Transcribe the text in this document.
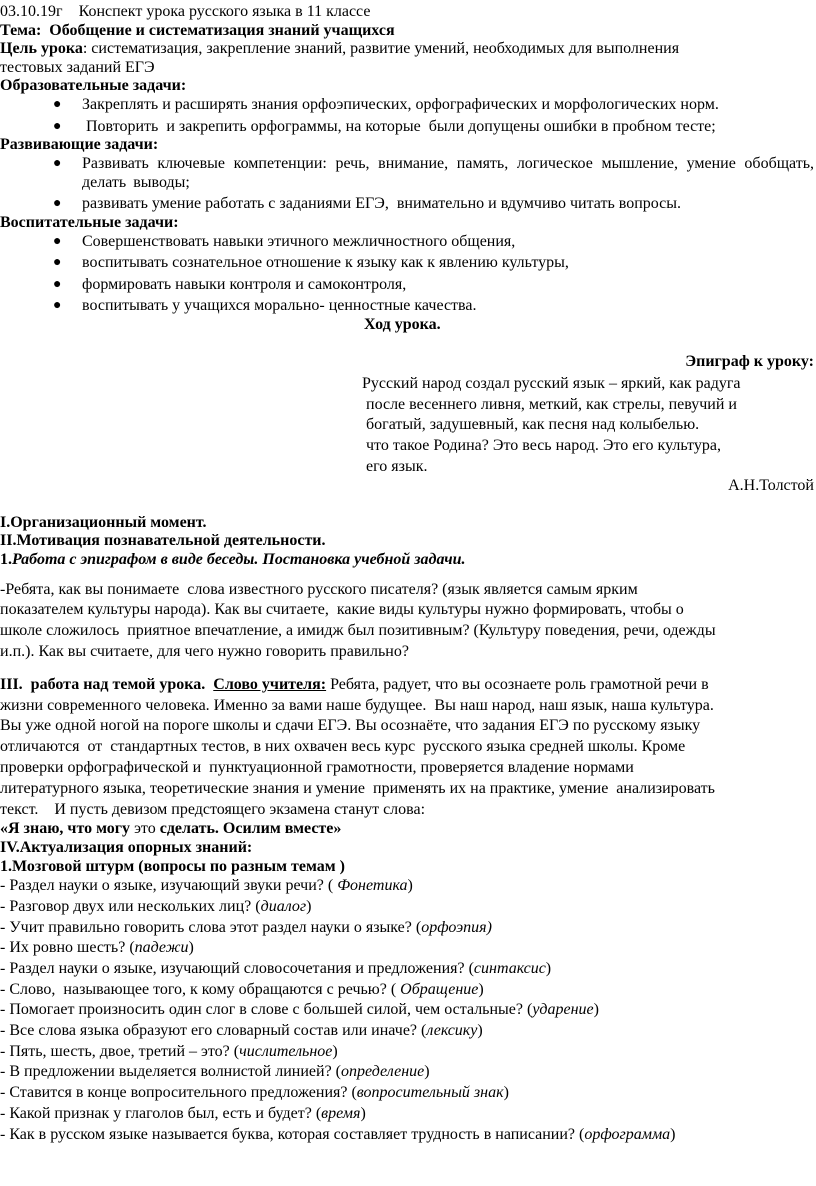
03.10.19г Конспект урока русского языка в 11 классе

Тема: Обобщение и систематизация знаний учащихся

Цель урока: систематизация, закрепление знаний, развитие умений, необходимых для выполнения

тестовых заданий ЕГЭ

Образовательные задачи:

● Закреплять и расширять знания орфоэпических, орфографических и морфологических норм.
● Повторить  и закрепить орфограммы, на которые  были допущены ошибки в пробном тесте;

Развивающие задачи:

● Развивать ключевые компетенции: речь, внимание, память, логическое мышление, умение обобщать, делать выводы;
● развивать умение работать с заданиями ЕГЭ,  внимательно и вдумчиво читать вопросы.

Воспитательные задачи:

● Совершенствовать навыки этичного межличностного общения,
● воспитывать сознательное отношение к языку как к явлению культуры,
● формировать навыки контроля и самоконтроля,
● воспитывать у учащихся морально- ценностные качества.

Ход урока.

Эпиграф к уроку:

Русский народ создал русский язык – яркий, как радуга

после весеннего ливня, меткий, как стрелы, певучий и

богатый, задушевный, как песня над колыбелью.

что такое Родина? Это весь народ. Это его культура,

его язык.

А.Н.Толстой

I.Организационный момент.

II.Мотивация познавательной деятельности.

1.Работа с эпиграфом в виде беседы. Постановка учебной задачи.

-Ребята, как вы понимаете  слова известного русского писателя? (язык является самым ярким

показателем культуры народа). Как вы считаете,  какие виды культуры нужно формировать, чтобы о

школе сложилось  приятное впечатление, а имидж был позитивным? (Культуру поведения, речи, одежды

и.п.). Как вы считаете, для чего нужно говорить правильно?

III.  работа над темой урока. Слово учителя: Ребята, радует, что вы осознаете роль грамотной речи в

жизни современного человека. Именно за вами наше будущее.  Вы наш народ, наш язык, наша культура.

Вы уже одной ногой на пороге школы и сдачи ЕГЭ. Вы осознаёте, что задания ЕГЭ по русскому языку

отличаются  от  стандартных тестов, в них охвачен весь курс  русского языка средней школы. Кроме

проверки орфографической и  пунктуационной грамотности, проверяется владение нормами

литературного языка, теоретические знания и умение  применять их на практике, умение  анализировать

текст.    И пусть девизом предстоящего экзамена станут слова:

«Я знаю, что могу это сделать. Осилим вместе»

IV.Актуализация опорных знаний:

1.Мозговой штурм (вопросы по разным темам )

- Раздел науки о языке, изучающий звуки речи? ( Фонетика)

- Разговор двух или нескольких лиц? (диалог)

- Учит правильно говорить слова этот раздел науки о языке? (орфоэпия)

- Их ровно шесть? (падежи)

- Раздел науки о языке, изучающий словосочетания и предложения? (синтаксис)

- Слово,  называющее того, к кому обращаются с речью? ( Обращение)

- Помогает произносить один слог в слове с большей силой, чем остальные? (ударение)

- Все слова языка образуют его словарный состав или иначе? (лексику)

- Пять, шесть, двое, третий – это? (числительное)

- В предложении выделяется волнистой линией? (определение)

- Ставится в конце вопросительного предложения? (вопросительный знак)

- Какой признак у глаголов был, есть и будет? (время)

- Как в русском языке называется буква, которая составляет трудность в написании? (орфограмма)
